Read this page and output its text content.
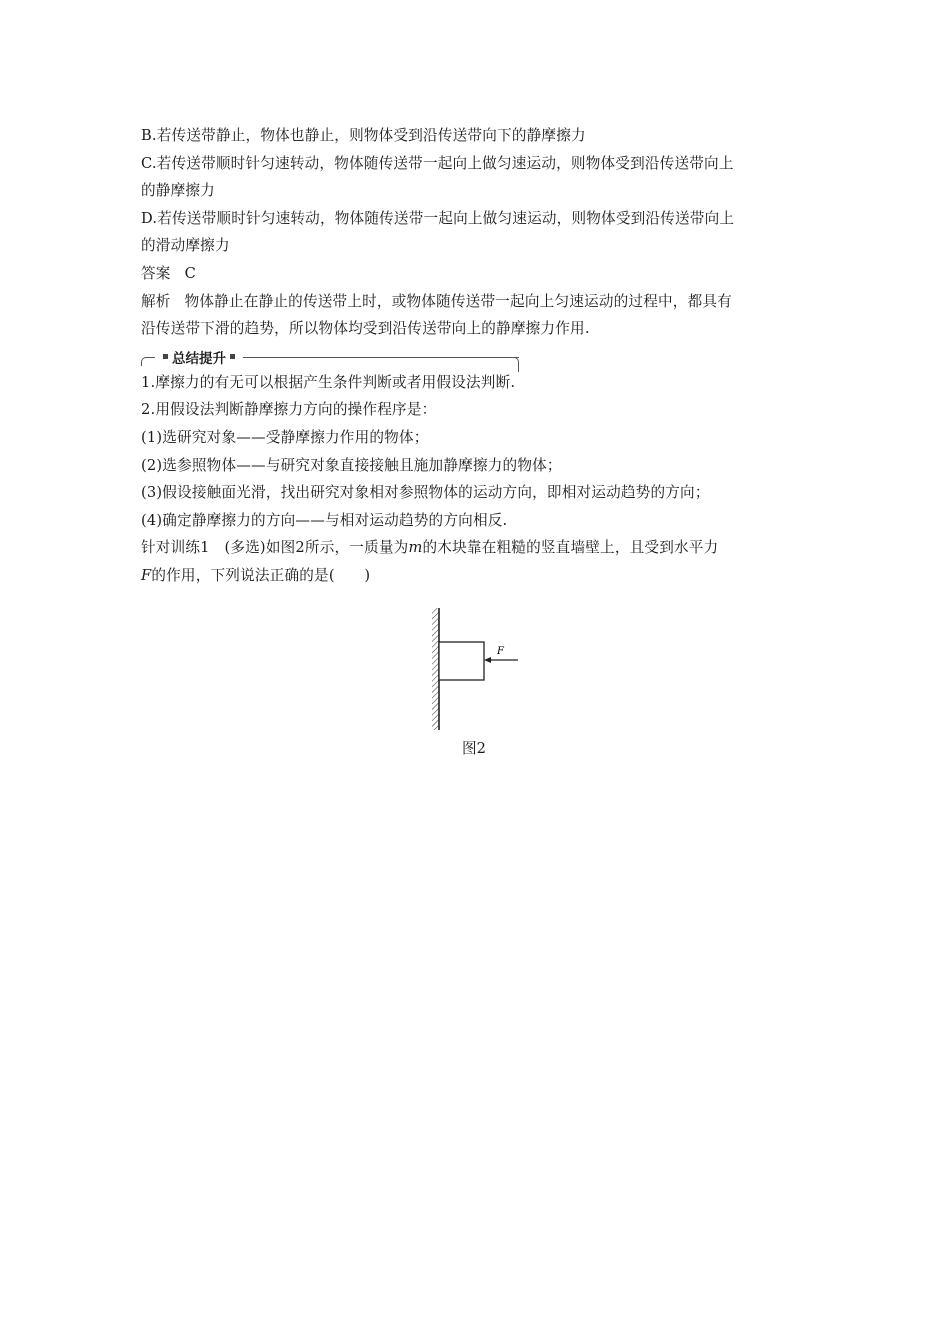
B.若传送带静止，物体也静止，则物体受到沿传送带向下的静摩擦力
C.若传送带顺时针匀速转动，物体随传送带一起向上做匀速运动，则物体受到沿传送带向上
的静摩擦力
D.若传送带顺时针匀速转动，物体随传送带一起向上做匀速运动，则物体受到沿传送带向上
的滑动摩擦力
答案 C
解析 物体静止在静止的传送带上时，或物体随传送带一起向上匀速运动的过程中，都具有
沿传送带下滑的趋势，所以物体均受到沿传送带向上的静摩擦力作用.
总结提升
1.摩擦力的有无可以根据产生条件判断或者用假设法判断.
2.用假设法判断静摩擦力方向的操作程序是：
(1)选研究对象——受静摩擦力作用的物体；
(2)选参照物体——与研究对象直接接触且施加静摩擦力的物体；
(3)假设接触面光滑，找出研究对象相对参照物体的运动方向，即相对运动趋势的方向；
(4)确定静摩擦力的方向——与相对运动趋势的方向相反.
针对训练1　(多选)如图2所示，一质量为m的木块靠在粗糙的竖直墙壁上，且受到水平力
F的作用，下列说法正确的是(　　)
F
图2
